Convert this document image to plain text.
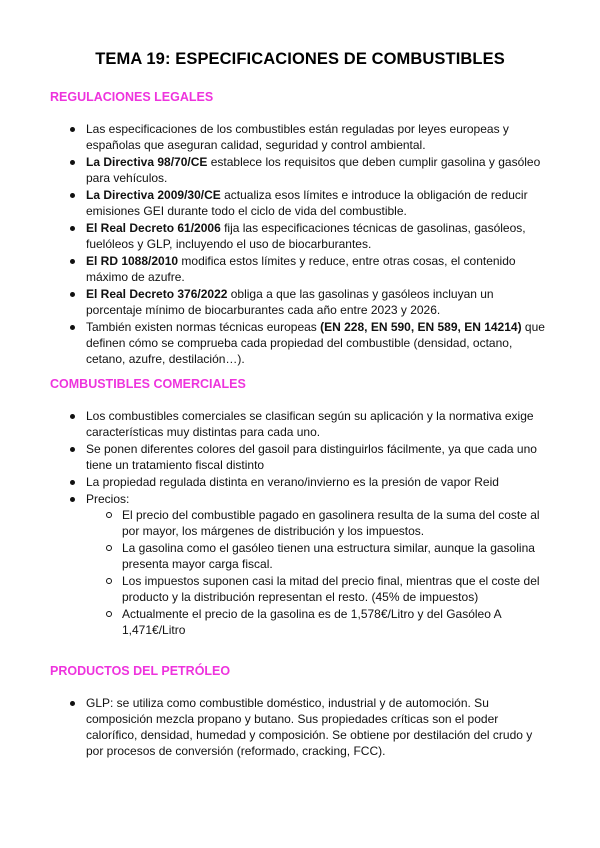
TEMA 19: ESPECIFICACIONES DE COMBUSTIBLES
REGULACIONES LEGALES
Las especificaciones de los combustibles están reguladas por leyes europeas y españolas que aseguran calidad, seguridad y control ambiental.
La Directiva 98/70/CE establece los requisitos que deben cumplir gasolina y gasóleo para vehículos.
La Directiva 2009/30/CE actualiza esos límites e introduce la obligación de reducir emisiones GEI durante todo el ciclo de vida del combustible.
El Real Decreto 61/2006 fija las especificaciones técnicas de gasolinas, gasóleos, fuelóleos y GLP, incluyendo el uso de biocarburantes.
El RD 1088/2010 modifica estos límites y reduce, entre otras cosas, el contenido máximo de azufre.
El Real Decreto 376/2022 obliga a que las gasolinas y gasóleos incluyan un porcentaje mínimo de biocarburantes cada año entre 2023 y 2026.
También existen normas técnicas europeas (EN 228, EN 590, EN 589, EN 14214) que definen cómo se comprueba cada propiedad del combustible (densidad, octano, cetano, azufre, destilación…).
COMBUSTIBLES COMERCIALES
Los combustibles comerciales se clasifican según su aplicación y la normativa exige características muy distintas para cada uno.
Se ponen diferentes colores del gasoil para distinguirlos fácilmente, ya que cada uno tiene un tratamiento fiscal distinto
La propiedad regulada distinta en verano/invierno es la presión de vapor Reid
Precios:
El precio del combustible pagado en gasolinera resulta de la suma del coste al por mayor, los márgenes de distribución y los impuestos.
La gasolina como el gasóleo tienen una estructura similar, aunque la gasolina presenta mayor carga fiscal.
Los impuestos suponen casi la mitad del precio final, mientras que el coste del producto y la distribución representan el resto. (45% de impuestos)
Actualmente el precio de la gasolina es de 1,578€/Litro y del Gasóleo A 1,471€/Litro
PRODUCTOS DEL PETRÓLEO
GLP: se utiliza como combustible doméstico, industrial y de automoción. Su composición mezcla propano y butano. Sus propiedades críticas son el poder calorífico, densidad, humedad y composición. Se obtiene por destilación del crudo y por procesos de conversión (reformado, cracking, FCC).
